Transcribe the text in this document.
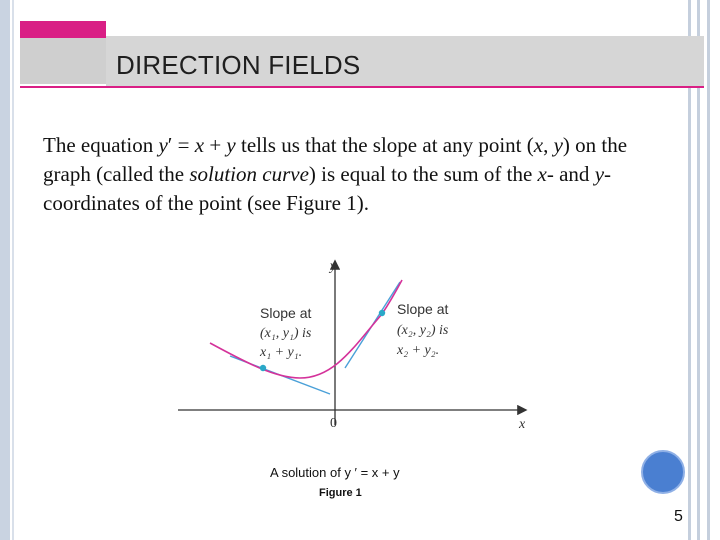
DIRECTION FIELDS

The equation y′ = x + y tells us that the slope at any point (x, y) on the graph (called the solution curve) is equal to the sum of the x- and y-coordinates of the point (see Figure 1).

y
x
0
Slope at (x₁, y₁) is x₁ + y₁.
Slope at (x₂, y₂) is x₂ + y₂.
A solution of y ′ = x + y
Figure 1
5
